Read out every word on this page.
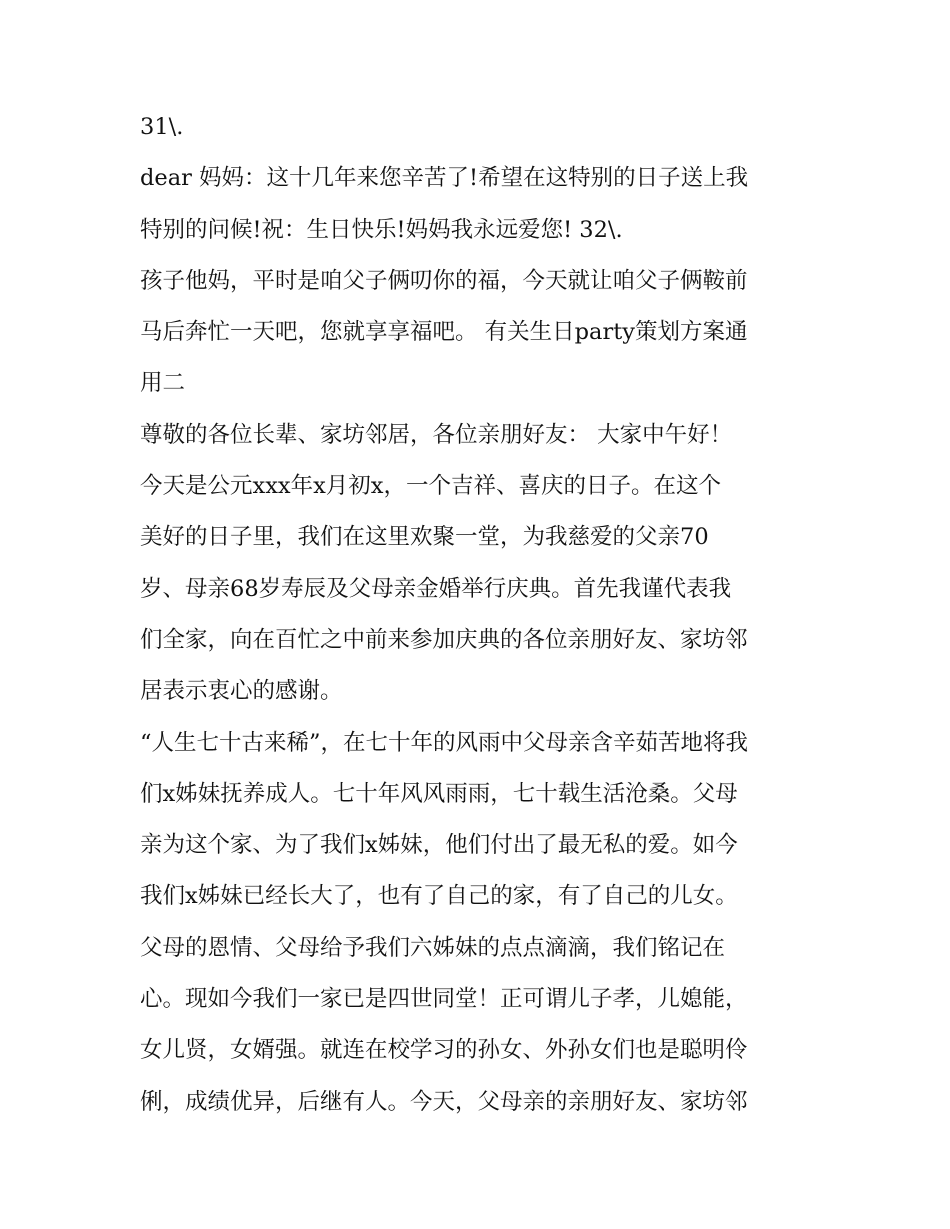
31\.
dear 妈妈：这十几年来您辛苦了!希望在这特别的日子送上我
特别的问候!祝：生日快乐!妈妈我永远爱您! 32\.
孩子他妈，平时是咱父子俩叨你的福，今天就让咱父子俩鞍前
马后奔忙一天吧，您就享享福吧。 有关生日party策划方案通
用二
尊敬的各位长辈、家坊邻居，各位亲朋好友： 大家中午好！
今天是公元xxx年x月初x，一个吉祥、喜庆的日子。在这个
美好的日子里，我们在这里欢聚一堂，为我慈爱的父亲70
岁、母亲68岁寿辰及父母亲金婚举行庆典。首先我谨代表我
们全家，向在百忙之中前来参加庆典的各位亲朋好友、家坊邻
居表示衷心的感谢。
“人生七十古来稀”，在七十年的风雨中父母亲含辛茹苦地将我
们x姊妹抚养成人。七十年风风雨雨，七十载生活沧桑。父母
亲为这个家、为了我们x姊妹，他们付出了最无私的爱。如今
我们x姊妹已经长大了，也有了自己的家，有了自己的儿女。
父母的恩情、父母给予我们六姊妹的点点滴滴，我们铭记在
心。现如今我们一家已是四世同堂！正可谓儿子孝，儿媳能，
女儿贤，女婿强。就连在校学习的孙女、外孙女们也是聪明伶
俐，成绩优异，后继有人。今天，父母亲的亲朋好友、家坊邻
